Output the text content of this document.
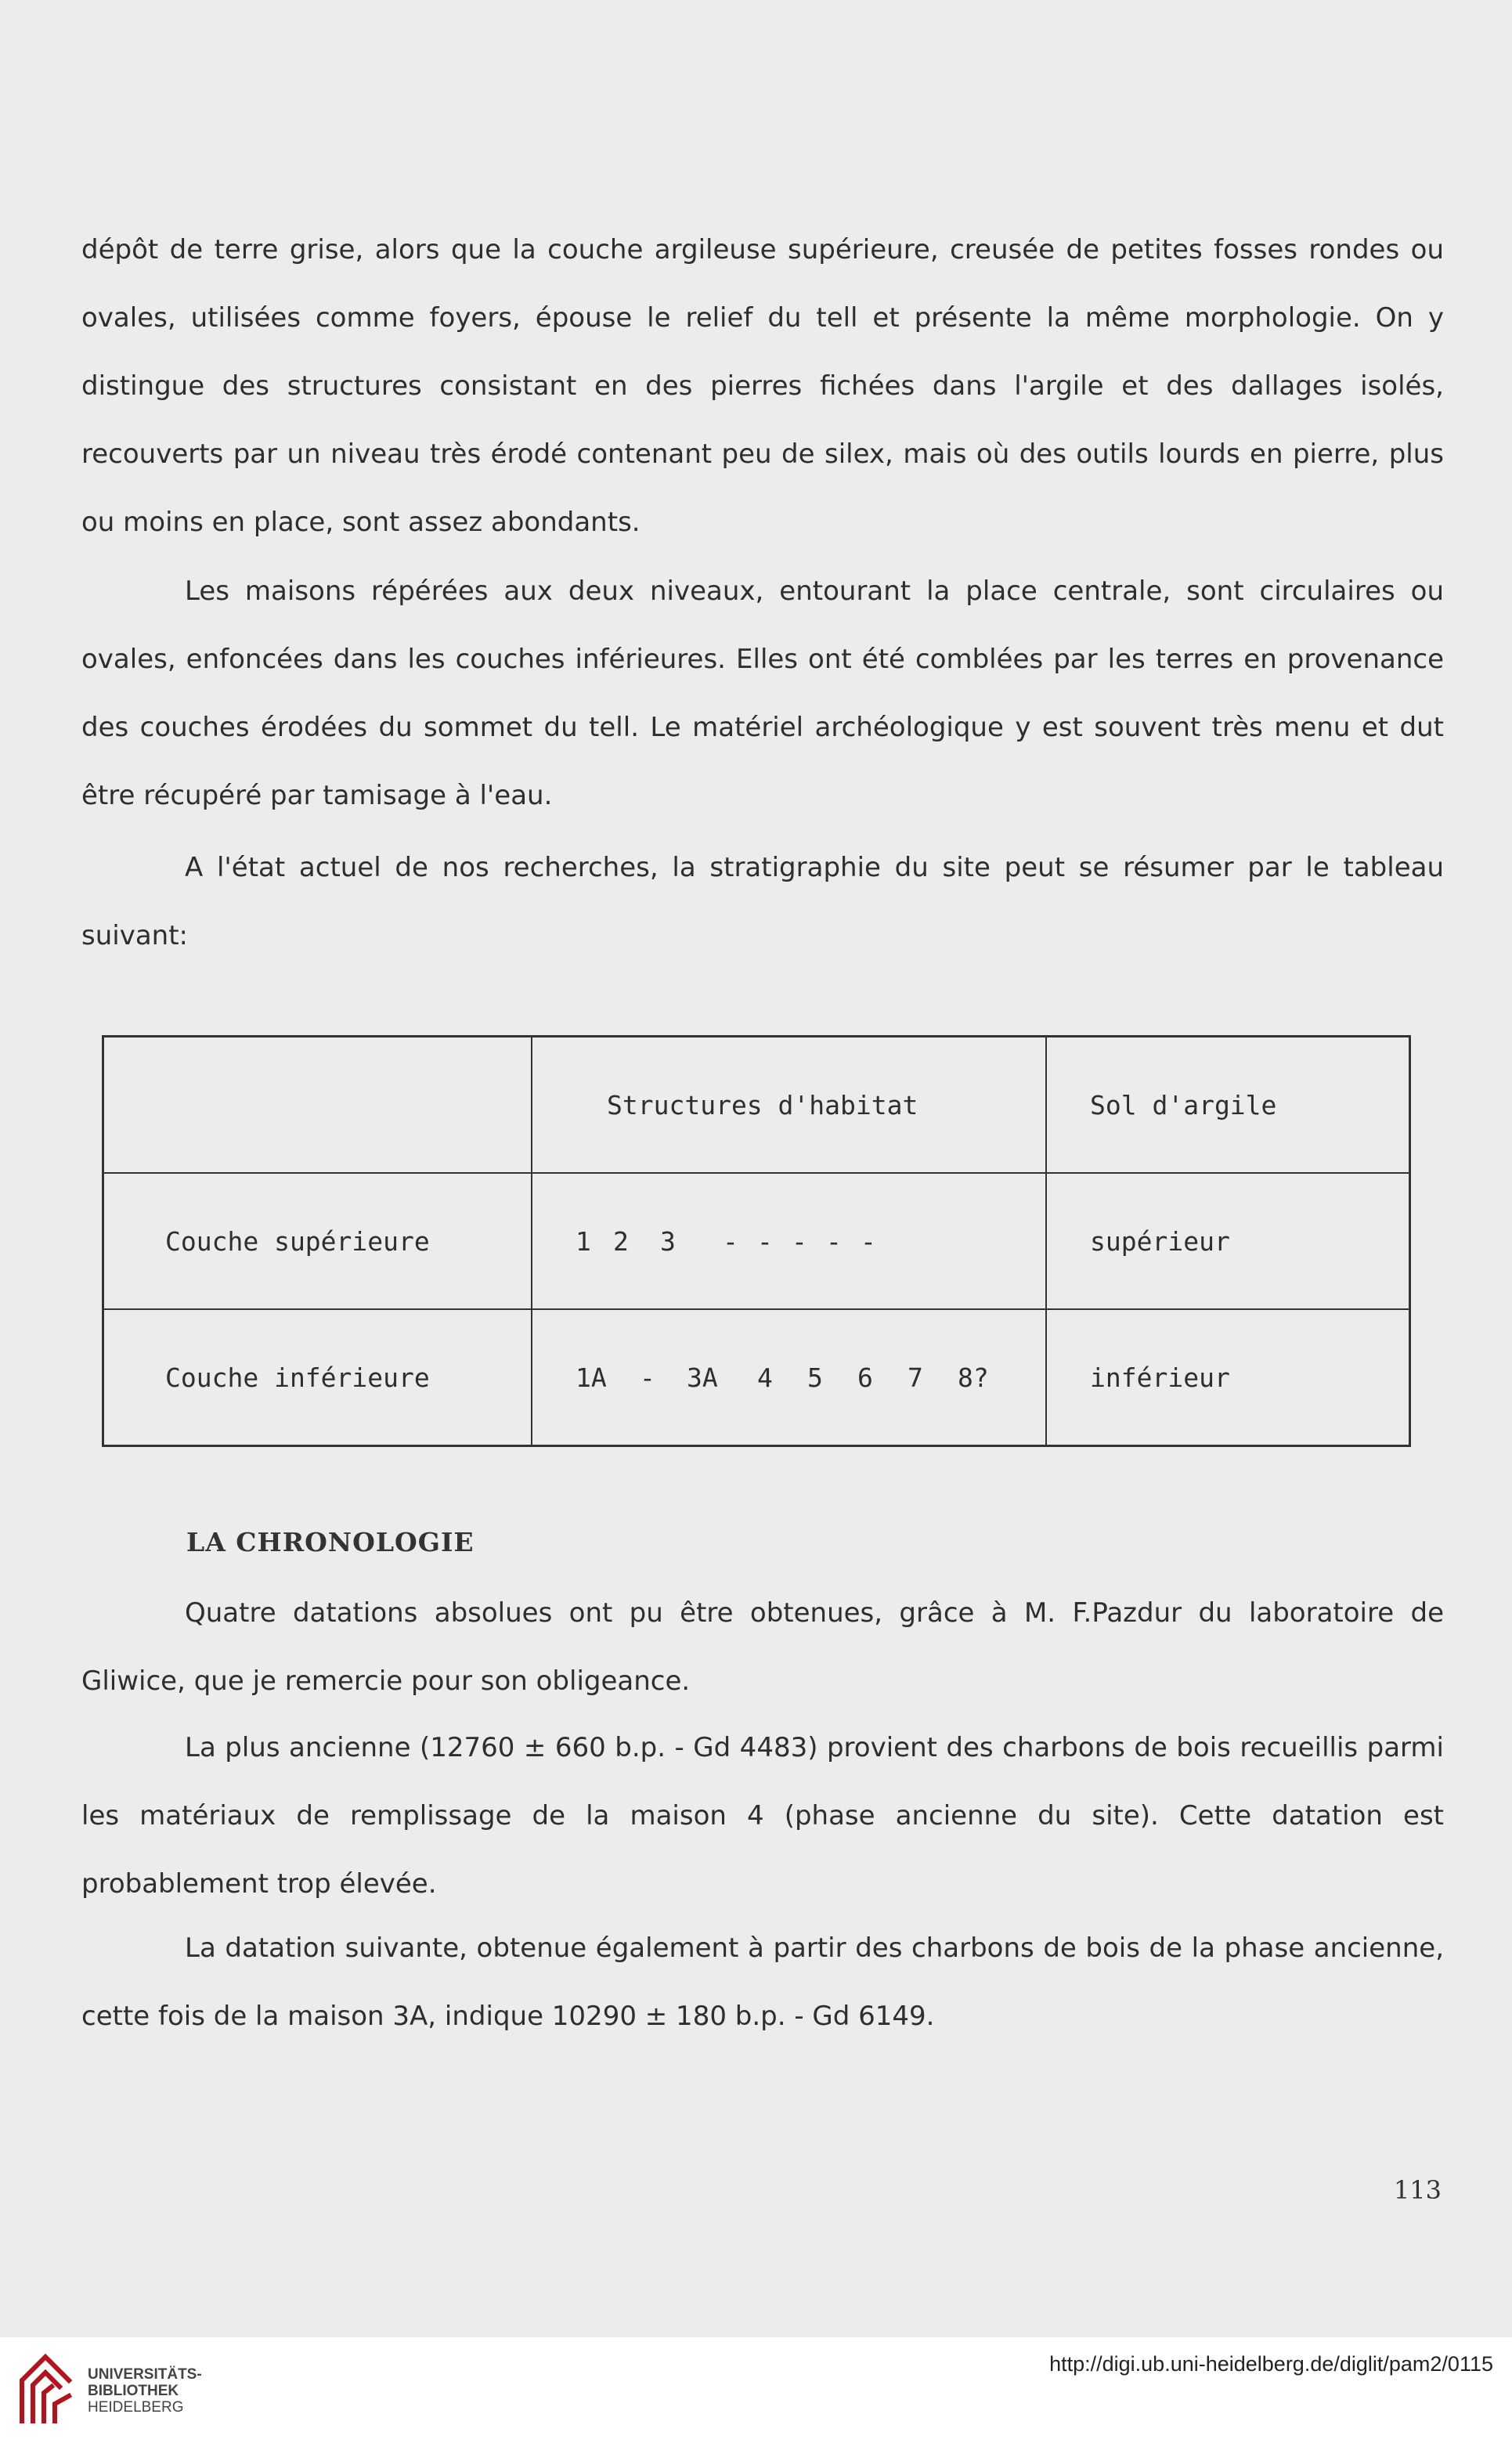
dépôt de terre grise, alors que la couche argileuse supérieure, creusée de petites fosses rondes ou ovales, utilisées comme foyers, épouse le relief du tell et présente la même morphologie. On y distingue des structures consistant en des pierres fichées dans l'argile et des dallages isolés, recouverts par un niveau très érodé contenant peu de silex, mais où des outils lourds en pierre, plus ou moins en place, sont assez abondants.

Les maisons répérées aux deux niveaux, entourant la place centrale, sont circulaires ou ovales, enfoncées dans les couches inférieures. Elles ont été comblées par les terres en provenance des couches érodées du sommet du tell. Le matériel archéologique y est souvent très menu et dut être récupéré par tamisage à l'eau.

A l'état actuel de nos recherches, la stratigraphie du site peut se résumer par le tableau suivant:

	Structures d'habitat	Sol d'argile
Couche supérieure	1 2 3 - - - - -	supérieur
Couche inférieure	1A - 3A 4 5 6 7 8?	inférieur
LA CHRONOLOGIE

Quatre datations absolues ont pu être obtenues, grâce à M. F.Pazdur du laboratoire de Gliwice, que je remercie pour son obligeance.

La plus ancienne (12760 ± 660 b.p. - Gd 4483) provient des charbons de bois recueillis parmi les matériaux de remplissage de la maison 4 (phase ancienne du site). Cette datation est probablement trop élevée.

La datation suivante, obtenue également à partir des charbons de bois de la phase ancienne, cette fois de la maison 3A, indique 10290 ± 180 b.p. - Gd 6149.

113
UNIVERSITÄTS-
BIBLIOTHEK
HEIDELBERG
http://digi.ub.uni-heidelberg.de/diglit/pam2/0115
